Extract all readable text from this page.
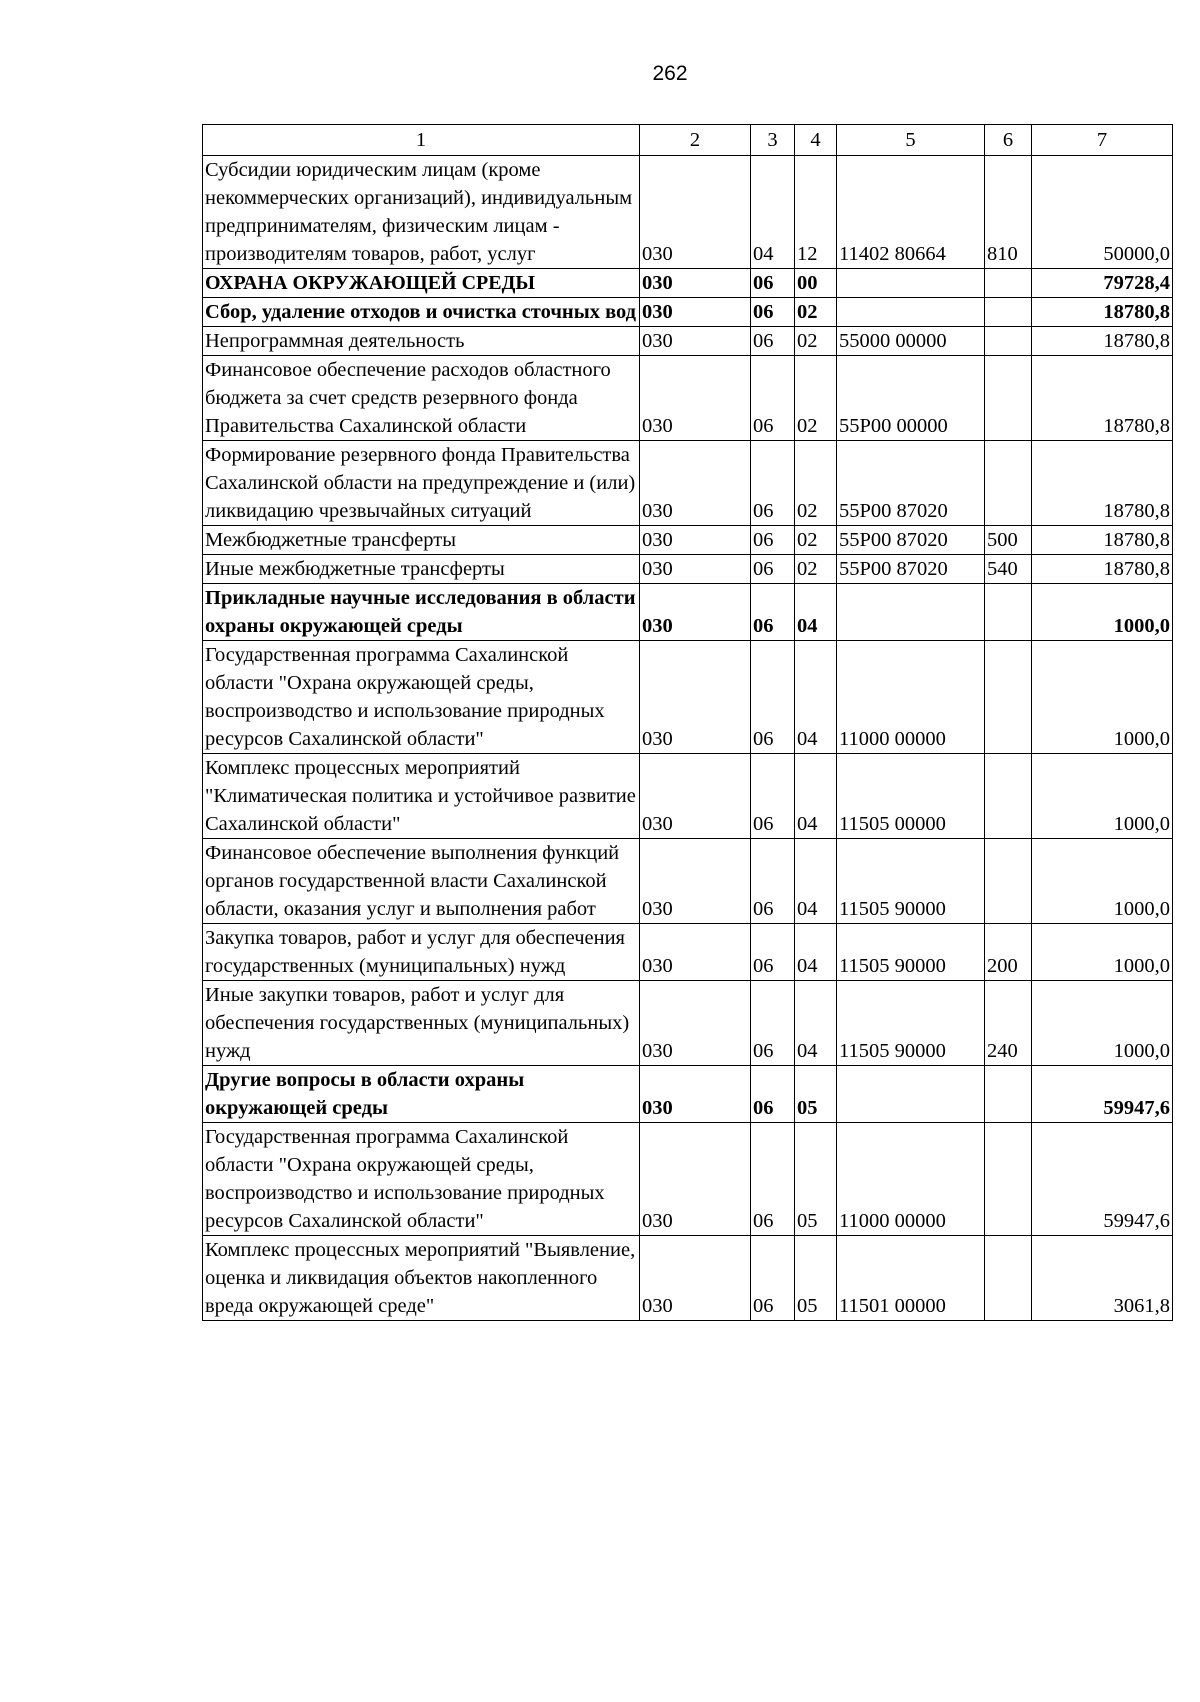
262
1	2	3	4	5	6	7
Субсидии юридическим лицам (кроме некоммерческих организаций), индивидуальным предпринимателям, физическим лицам - производителям товаров, работ, услуг	030	04	12	11402 80664	810	50000,0
ОХРАНА ОКРУЖАЮЩЕЙ СРЕДЫ	030	06	00			79728,4
Сбор, удаление отходов и очистка сточных вод	030	06	02			18780,8
Непрограммная деятельность	030	06	02	55000 00000		18780,8
Финансовое обеспечение расходов областного бюджета за счет средств резервного фонда Правительства Сахалинской области	030	06	02	55Р00 00000		18780,8
Формирование резервного фонда Правительства Сахалинской области на предупреждение и (или) ликвидацию чрезвычайных ситуаций	030	06	02	55Р00 87020		18780,8
Межбюджетные трансферты	030	06	02	55Р00 87020	500	18780,8
Иные межбюджетные трансферты	030	06	02	55Р00 87020	540	18780,8
Прикладные научные исследования в области охраны окружающей среды	030	06	04			1000,0
Государственная программа Сахалинской области "Охрана окружающей среды, воспроизводство и использование природных ресурсов Сахалинской области"	030	06	04	11000 00000		1000,0
Комплекс процессных мероприятий "Климатическая политика и устойчивое развитие Сахалинской области"	030	06	04	11505 00000		1000,0
Финансовое обеспечение выполнения функций органов государственной власти Сахалинской области, оказания услуг и выполнения работ	030	06	04	11505 90000		1000,0
Закупка товаров, работ и услуг для обеспечения государственных (муниципальных) нужд	030	06	04	11505 90000	200	1000,0
Иные закупки товаров, работ и услуг для обеспечения государственных (муниципальных) нужд	030	06	04	11505 90000	240	1000,0
Другие вопросы в области охраны окружающей среды	030	06	05			59947,6
Государственная программа Сахалинской области "Охрана окружающей среды, воспроизводство и использование природных ресурсов Сахалинской области"	030	06	05	11000 00000		59947,6
Комплекс процессных мероприятий "Выявление, оценка и ликвидация объектов накопленного вреда окружающей среде"	030	06	05	11501 00000		3061,8
